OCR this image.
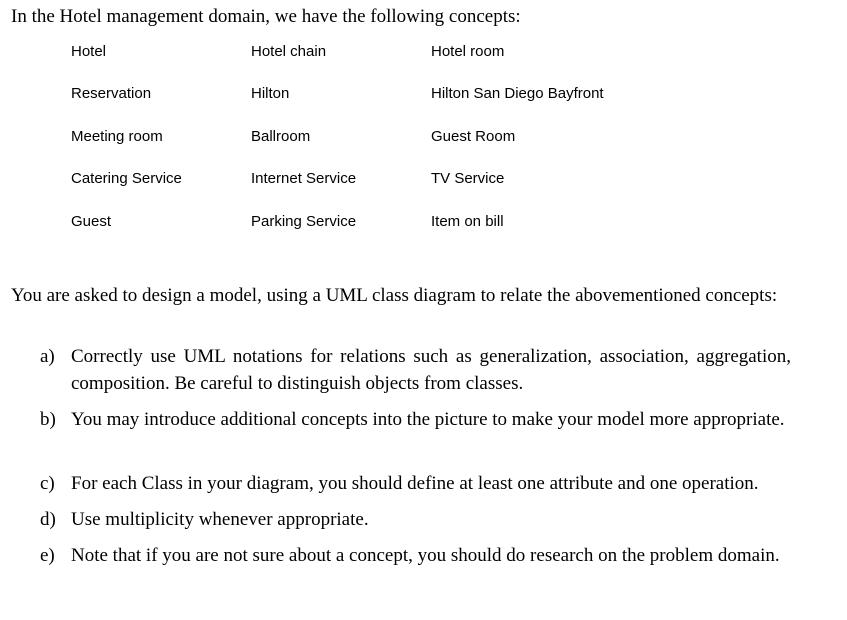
In the Hotel management domain, we have the following concepts:
Hotel	Hotel chain	Hotel room
Reservation	Hilton	Hilton San Diego Bayfront
Meeting room	Ballroom	Guest Room
Catering Service	Internet Service	TV Service
Guest	Parking Service	Item on bill
You are asked to design a model, using a UML class diagram to relate the abovementioned concepts:
a) Correctly use UML notations for relations such as generalization, association, aggregation, composition. Be careful to distinguish objects from classes.
b) You may introduce additional concepts into the picture to make your model more appropriate.
c) For each Class in your diagram, you should define at least one attribute and one operation.
d) Use multiplicity whenever appropriate.
e) Note that if you are not sure about a concept, you should do research on the problem domain.
